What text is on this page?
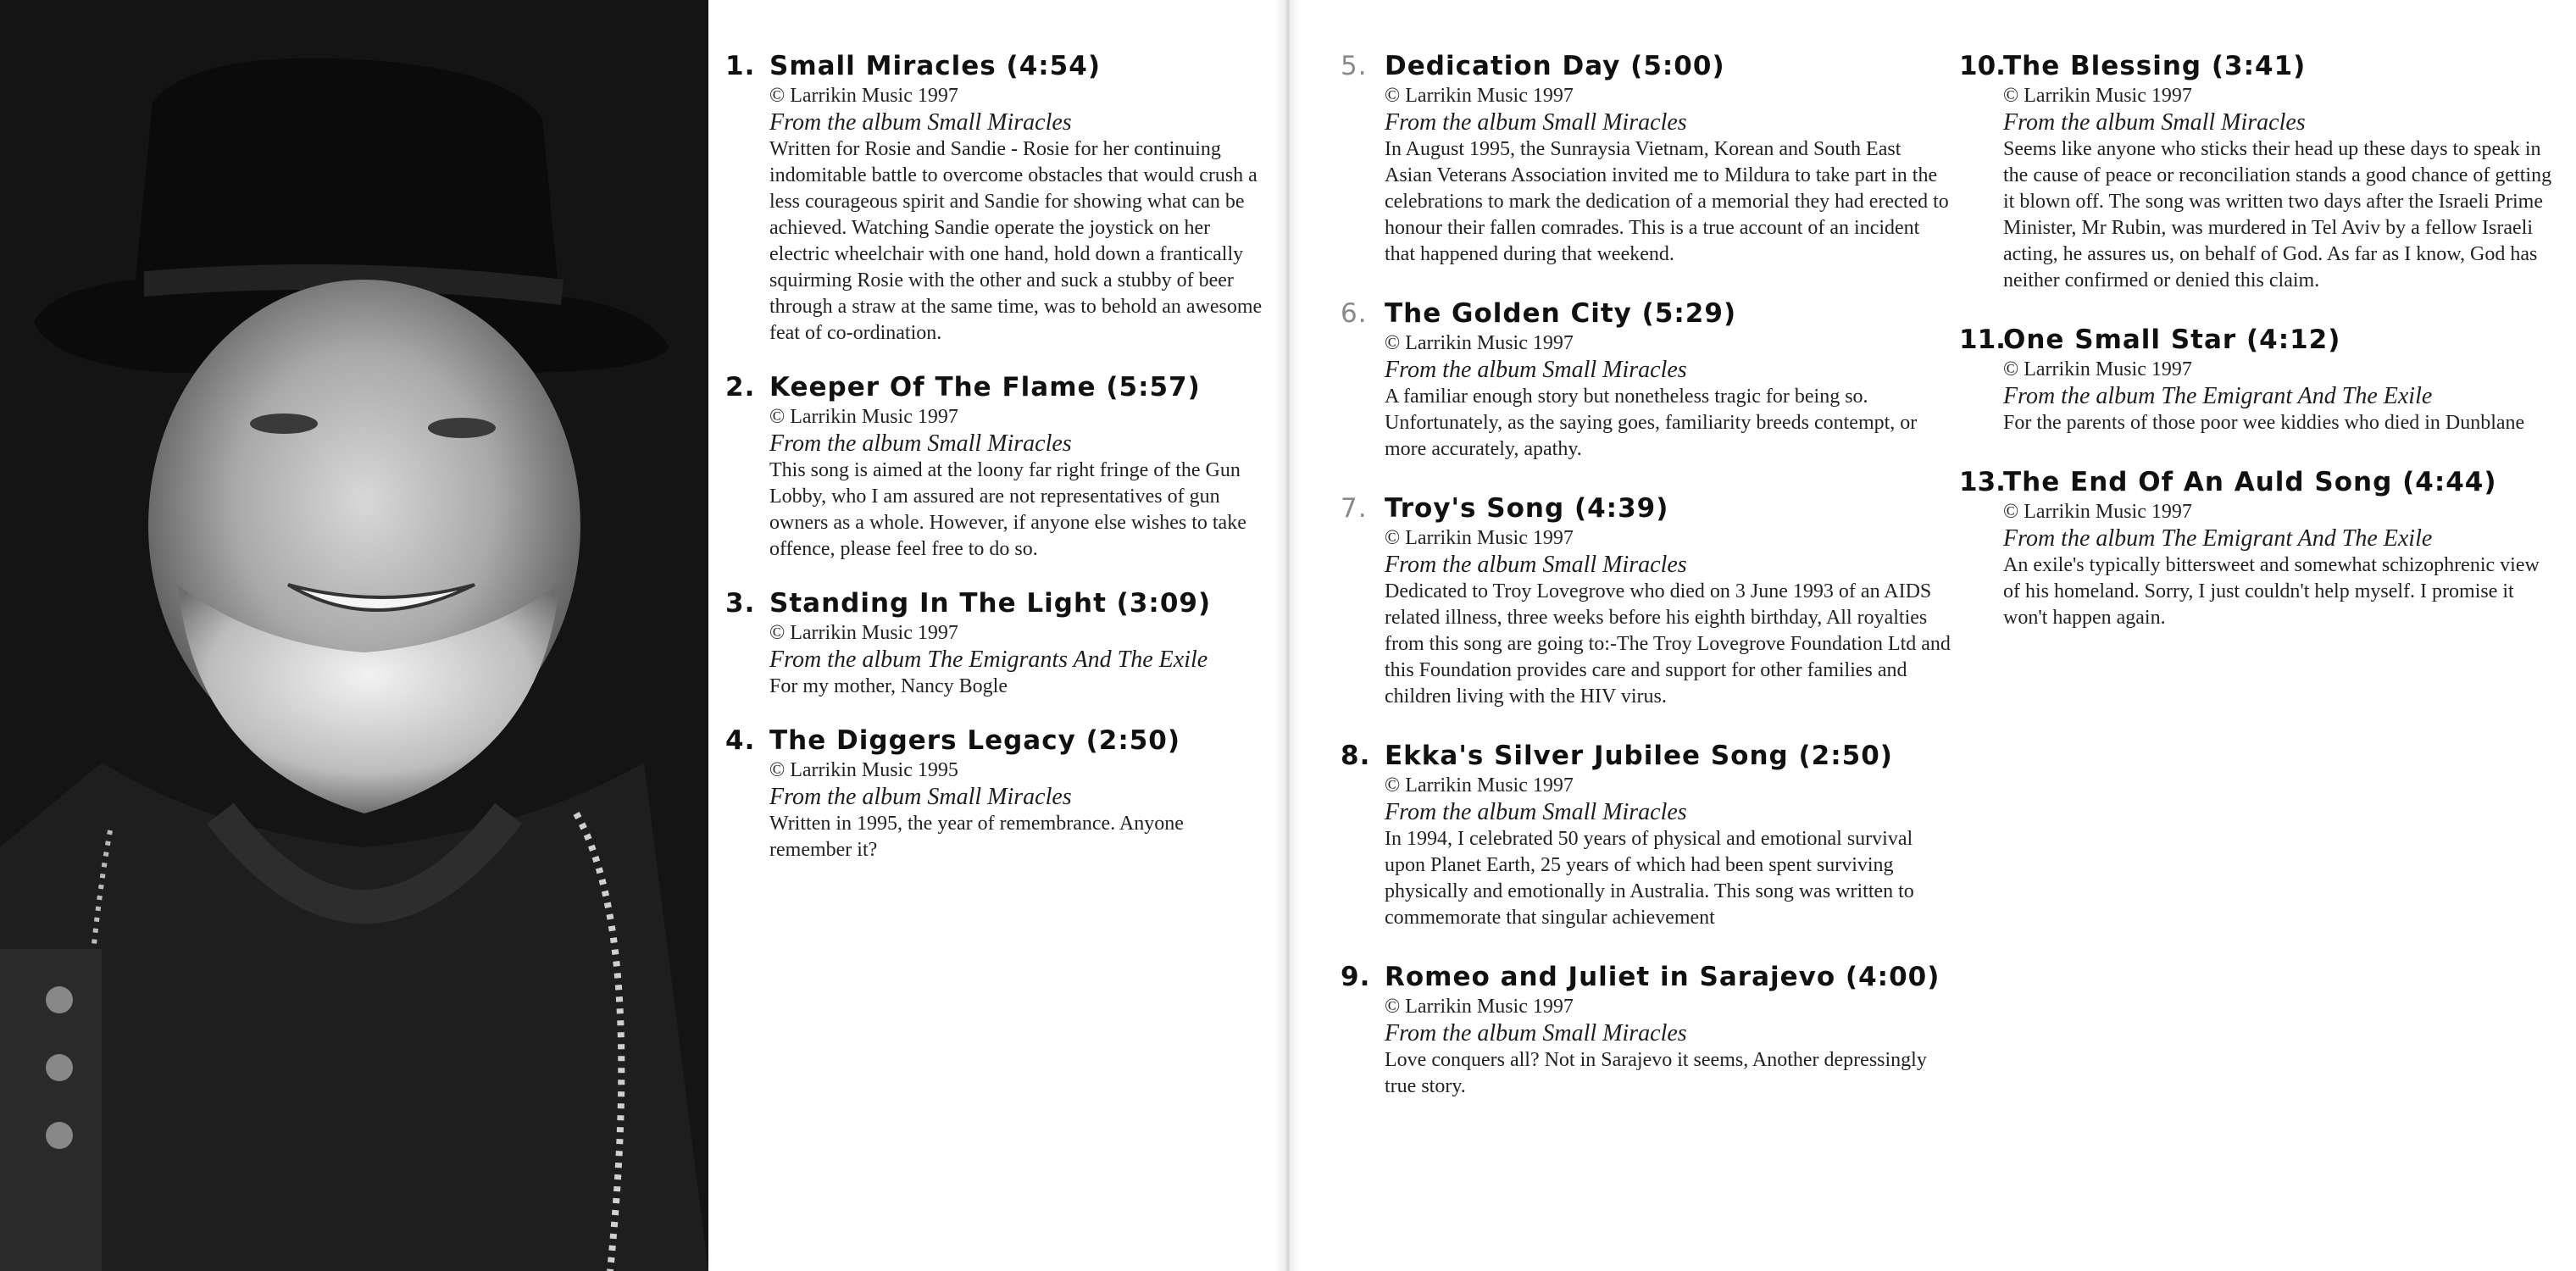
1. Small Miracles (4:54)
© Larrikin Music 1997
From the album Small Miracles
Written for Rosie and Sandie - Rosie for her continuing indomitable battle to overcome obstacles that would crush a less courageous spirit and Sandie for showing what can be achieved. Watching Sandie operate the joystick on her electric wheelchair with one hand, hold down a frantically squirming Rosie with the other and suck a stubby of beer through a straw at the same time, was to behold an awesome feat of co-ordination.
2. Keeper Of The Flame (5:57)
© Larrikin Music 1997
From the album Small Miracles
This song is aimed at the loony far right fringe of the Gun Lobby, who I am assured are not representatives of gun owners as a whole. However, if anyone else wishes to take offence, please feel free to do so.
3. Standing In The Light (3:09)
© Larrikin Music 1997
From the album The Emigrants And The Exile
For my mother, Nancy Bogle
4. The Diggers Legacy (2:50)
© Larrikin Music 1995
From the album Small Miracles
Written in 1995, the year of remembrance. Anyone remember it?
5. Dedication Day (5:00)
© Larrikin Music 1997
From the album Small Miracles
In August 1995, the Sunraysia Vietnam, Korean and South East Asian Veterans Association invited me to Mildura to take part in the celebrations to mark the dedication of a memorial they had erected to honour their fallen comrades. This is a true account of an incident that happened during that weekend.
6. The Golden City (5:29)
© Larrikin Music 1997
From the album Small Miracles
A familiar enough story but nonetheless tragic for being so. Unfortunately, as the saying goes, familiarity breeds contempt, or more accurately, apathy.
7. Troy's Song (4:39)
© Larrikin Music 1997
From the album Small Miracles
Dedicated to Troy Lovegrove who died on 3 June 1993 of an AIDS related illness, three weeks before his eighth birthday, All royalties from this song are going to:-The Troy Lovegrove Foundation Ltd and this Foundation provides care and support for other families and children living with the HIV virus.
8. Ekka's Silver Jubilee Song (2:50)
© Larrikin Music 1997
From the album Small Miracles
In 1994, I celebrated 50 years of physical and emotional survival upon Planet Earth, 25 years of which had been spent surviving physically and emotionally in Australia. This song was written to commemorate that singular achievement
9. Romeo and Juliet in Sarajevo (4:00)
© Larrikin Music 1997
From the album Small Miracles
Love conquers all? Not in Sarajevo it seems, Another depressingly true story.
10.
The Blessing (3:41)
© Larrikin Music 1997
From the album Small Miracles
Seems like anyone who sticks their head up these days to speak in the cause of peace or reconciliation stands a good chance of getting it blown off. The song was written two days after the Israeli Prime Minister, Mr Rubin, was murdered in Tel Aviv by a fellow Israeli acting, he assures us, on behalf of God. As far as I know, God has neither confirmed or denied this claim.
11.
One Small Star (4:12)
© Larrikin Music 1997
From the album The Emigrant And The Exile
For the parents of those poor wee kiddies who died in Dunblane
13.
The End Of An Auld Song (4:44)
© Larrikin Music 1997
From the album The Emigrant And The Exile
An exile's typically bittersweet and somewhat schizophrenic view of his homeland. Sorry, I just couldn't help myself. I promise it won't happen again.
